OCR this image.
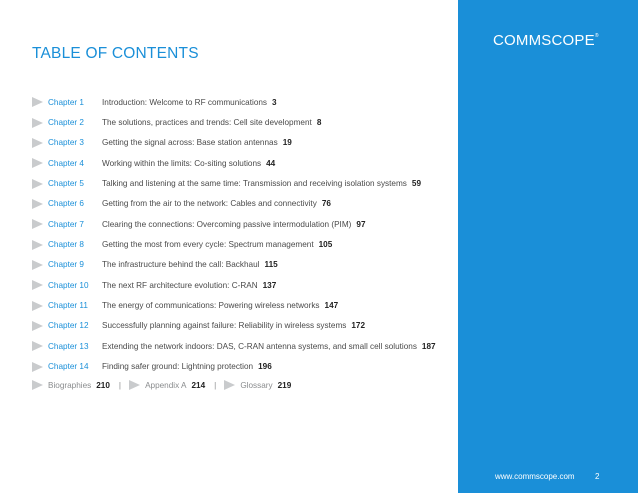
COMMSCOPE®
TABLE OF CONTENTS
Chapter 1	Introduction: Welcome to RF communications 3
Chapter 2	The solutions, practices and trends: Cell site development 8
Chapter 3	Getting the signal across: Base station antennas 19
Chapter 4	Working within the limits: Co-siting solutions 44
Chapter 5	Talking and listening at the same time: Transmission and receiving isolation systems 59
Chapter 6	Getting from the air to the network: Cables and connectivity 76
Chapter 7	Clearing the connections: Overcoming passive intermodulation (PIM) 97
Chapter 8	Getting the most from every cycle: Spectrum management 105
Chapter 9	The infrastructure behind the call: Backhaul 115
Chapter 10	The next RF architecture evolution: C-RAN 137
Chapter 11	The energy of communications: Powering wireless networks 147
Chapter 12	Successfully planning against failure: Reliability in wireless systems 172
Chapter 13	Extending the network indoors: DAS, C-RAN antenna systems, and small cell solutions 187
Chapter 14	Finding safer ground: Lightning protection 196
Biographies 210 |	Appendix A 214 |	Glossary 219
www.commscope.com	2
